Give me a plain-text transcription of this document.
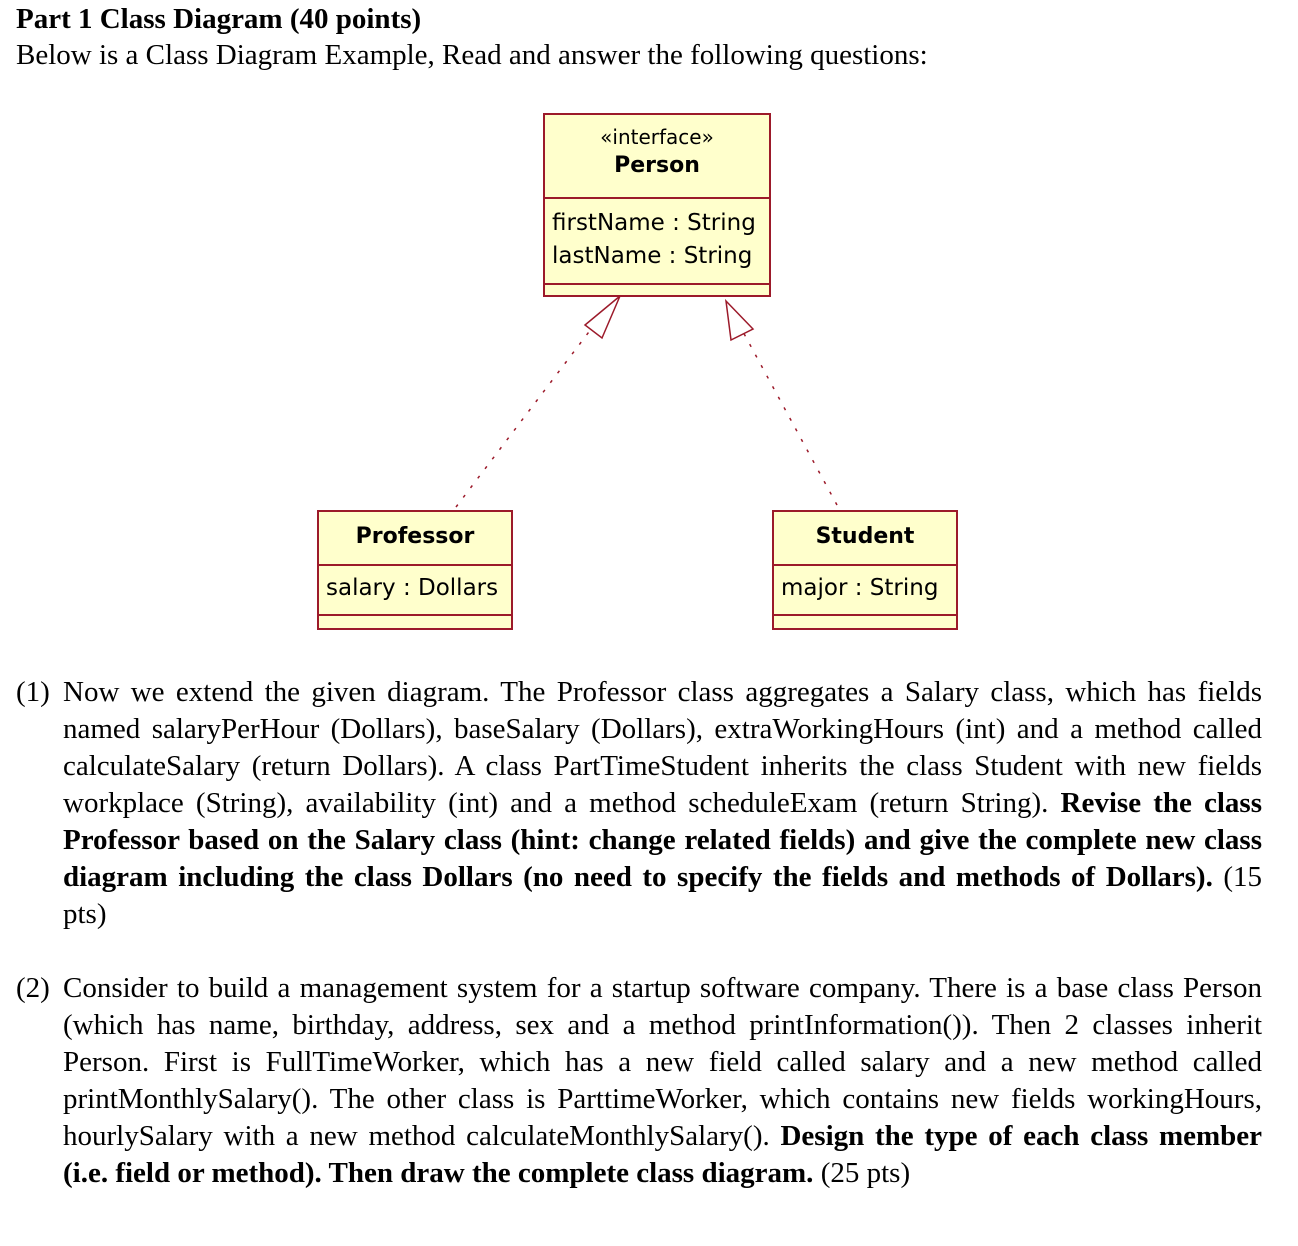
Part 1 Class Diagram (40 points)
Below is a Class Diagram Example, Read and answer the following questions:
«interface»
Person
firstName : String
lastName : String
Professor
salary : Dollars
Student
major : String
(1) Now we extend the given diagram. The Professor class aggregates a Salary class, which has fields named salaryPerHour (Dollars), baseSalary (Dollars), extraWorkingHours (int) and a method called calculateSalary (return Dollars). A class PartTimeStudent inherits the class Student with new fields workplace (String), availability (int) and a method scheduleExam (return String). Revise the class Professor based on the Salary class (hint: change related fields) and give the complete new class diagram including the class Dollars (no need to specify the fields and methods of Dollars). (15 pts)
(2) Consider to build a management system for a startup software company. There is a base class Person (which has name, birthday, address, sex and a method printInformation()). Then 2 classes inherit Person. First is FullTimeWorker, which has a new field called salary and a new method called printMonthlySalary(). The other class is ParttimeWorker, which contains new fields workingHours, hourlySalary with a new method calculateMonthlySalary(). Design the type of each class member (i.e. field or method). Then draw the complete class diagram. (25 pts)
